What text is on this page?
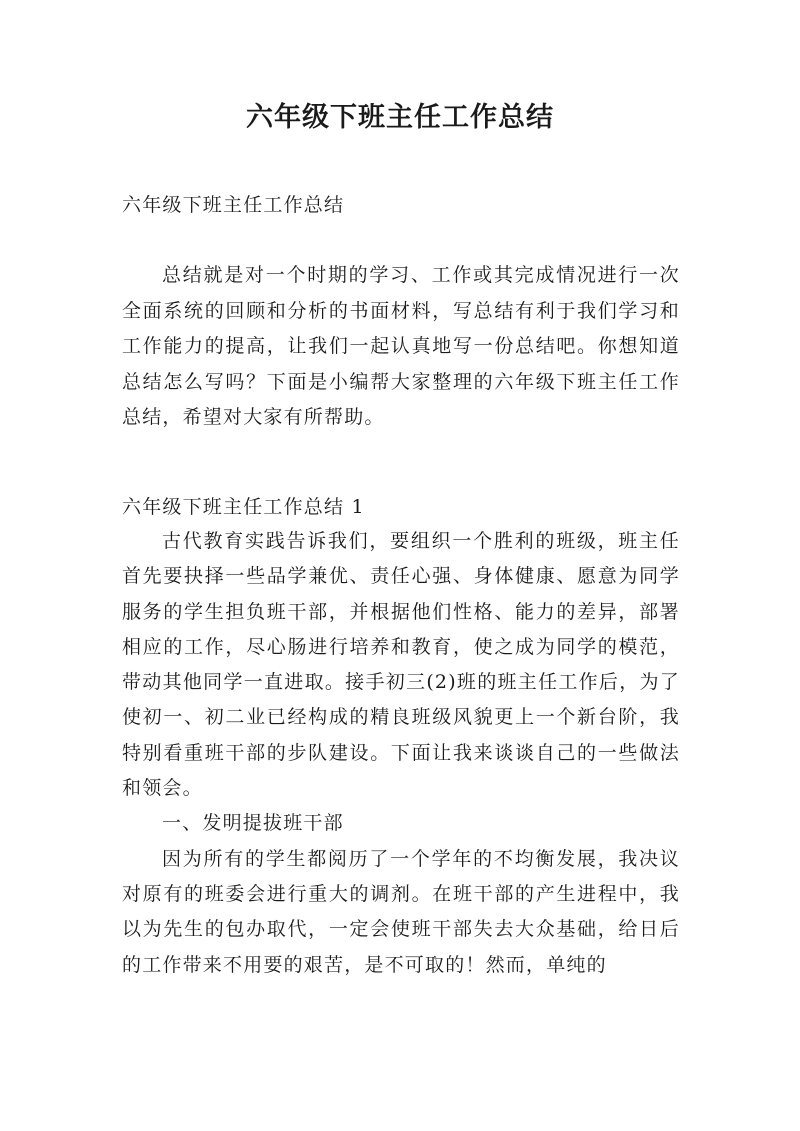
六年级下班主任工作总结
六年级下班主任工作总结
总结就是对一个时期的学习、工作或其完成情况进行一次全面系统的回顾和分析的书面材料，写总结有利于我们学习和工作能力的提高，让我们一起认真地写一份总结吧。你想知道总结怎么写吗？下面是小编帮大家整理的六年级下班主任工作总结，希望对大家有所帮助。
六年级下班主任工作总结 1

古代教育实践告诉我们，要组织一个胜利的班级，班主任首先要抉择一些品学兼优、责任心强、身体健康、愿意为同学服务的学生担负班干部，并根据他们性格、能力的差异，部署相应的工作，尽心肠进行培养和教育，使之成为同学的模范，带动其他同学一直进取。接手初三(2)班的班主任工作后，为了使初一、初二业已经构成的精良班级风貌更上一个新台阶，我特别看重班干部的步队建设。下面让我来谈谈自己的一些做法和领会。

一、发明提拔班干部

因为所有的学生都阅历了一个学年的不均衡发展，我决议对原有的班委会进行重大的调剂。在班干部的产生进程中，我以为先生的包办取代，一定会使班干部失去大众基础，给日后的工作带来不用要的艰苦，是不可取的！然而，单纯的
